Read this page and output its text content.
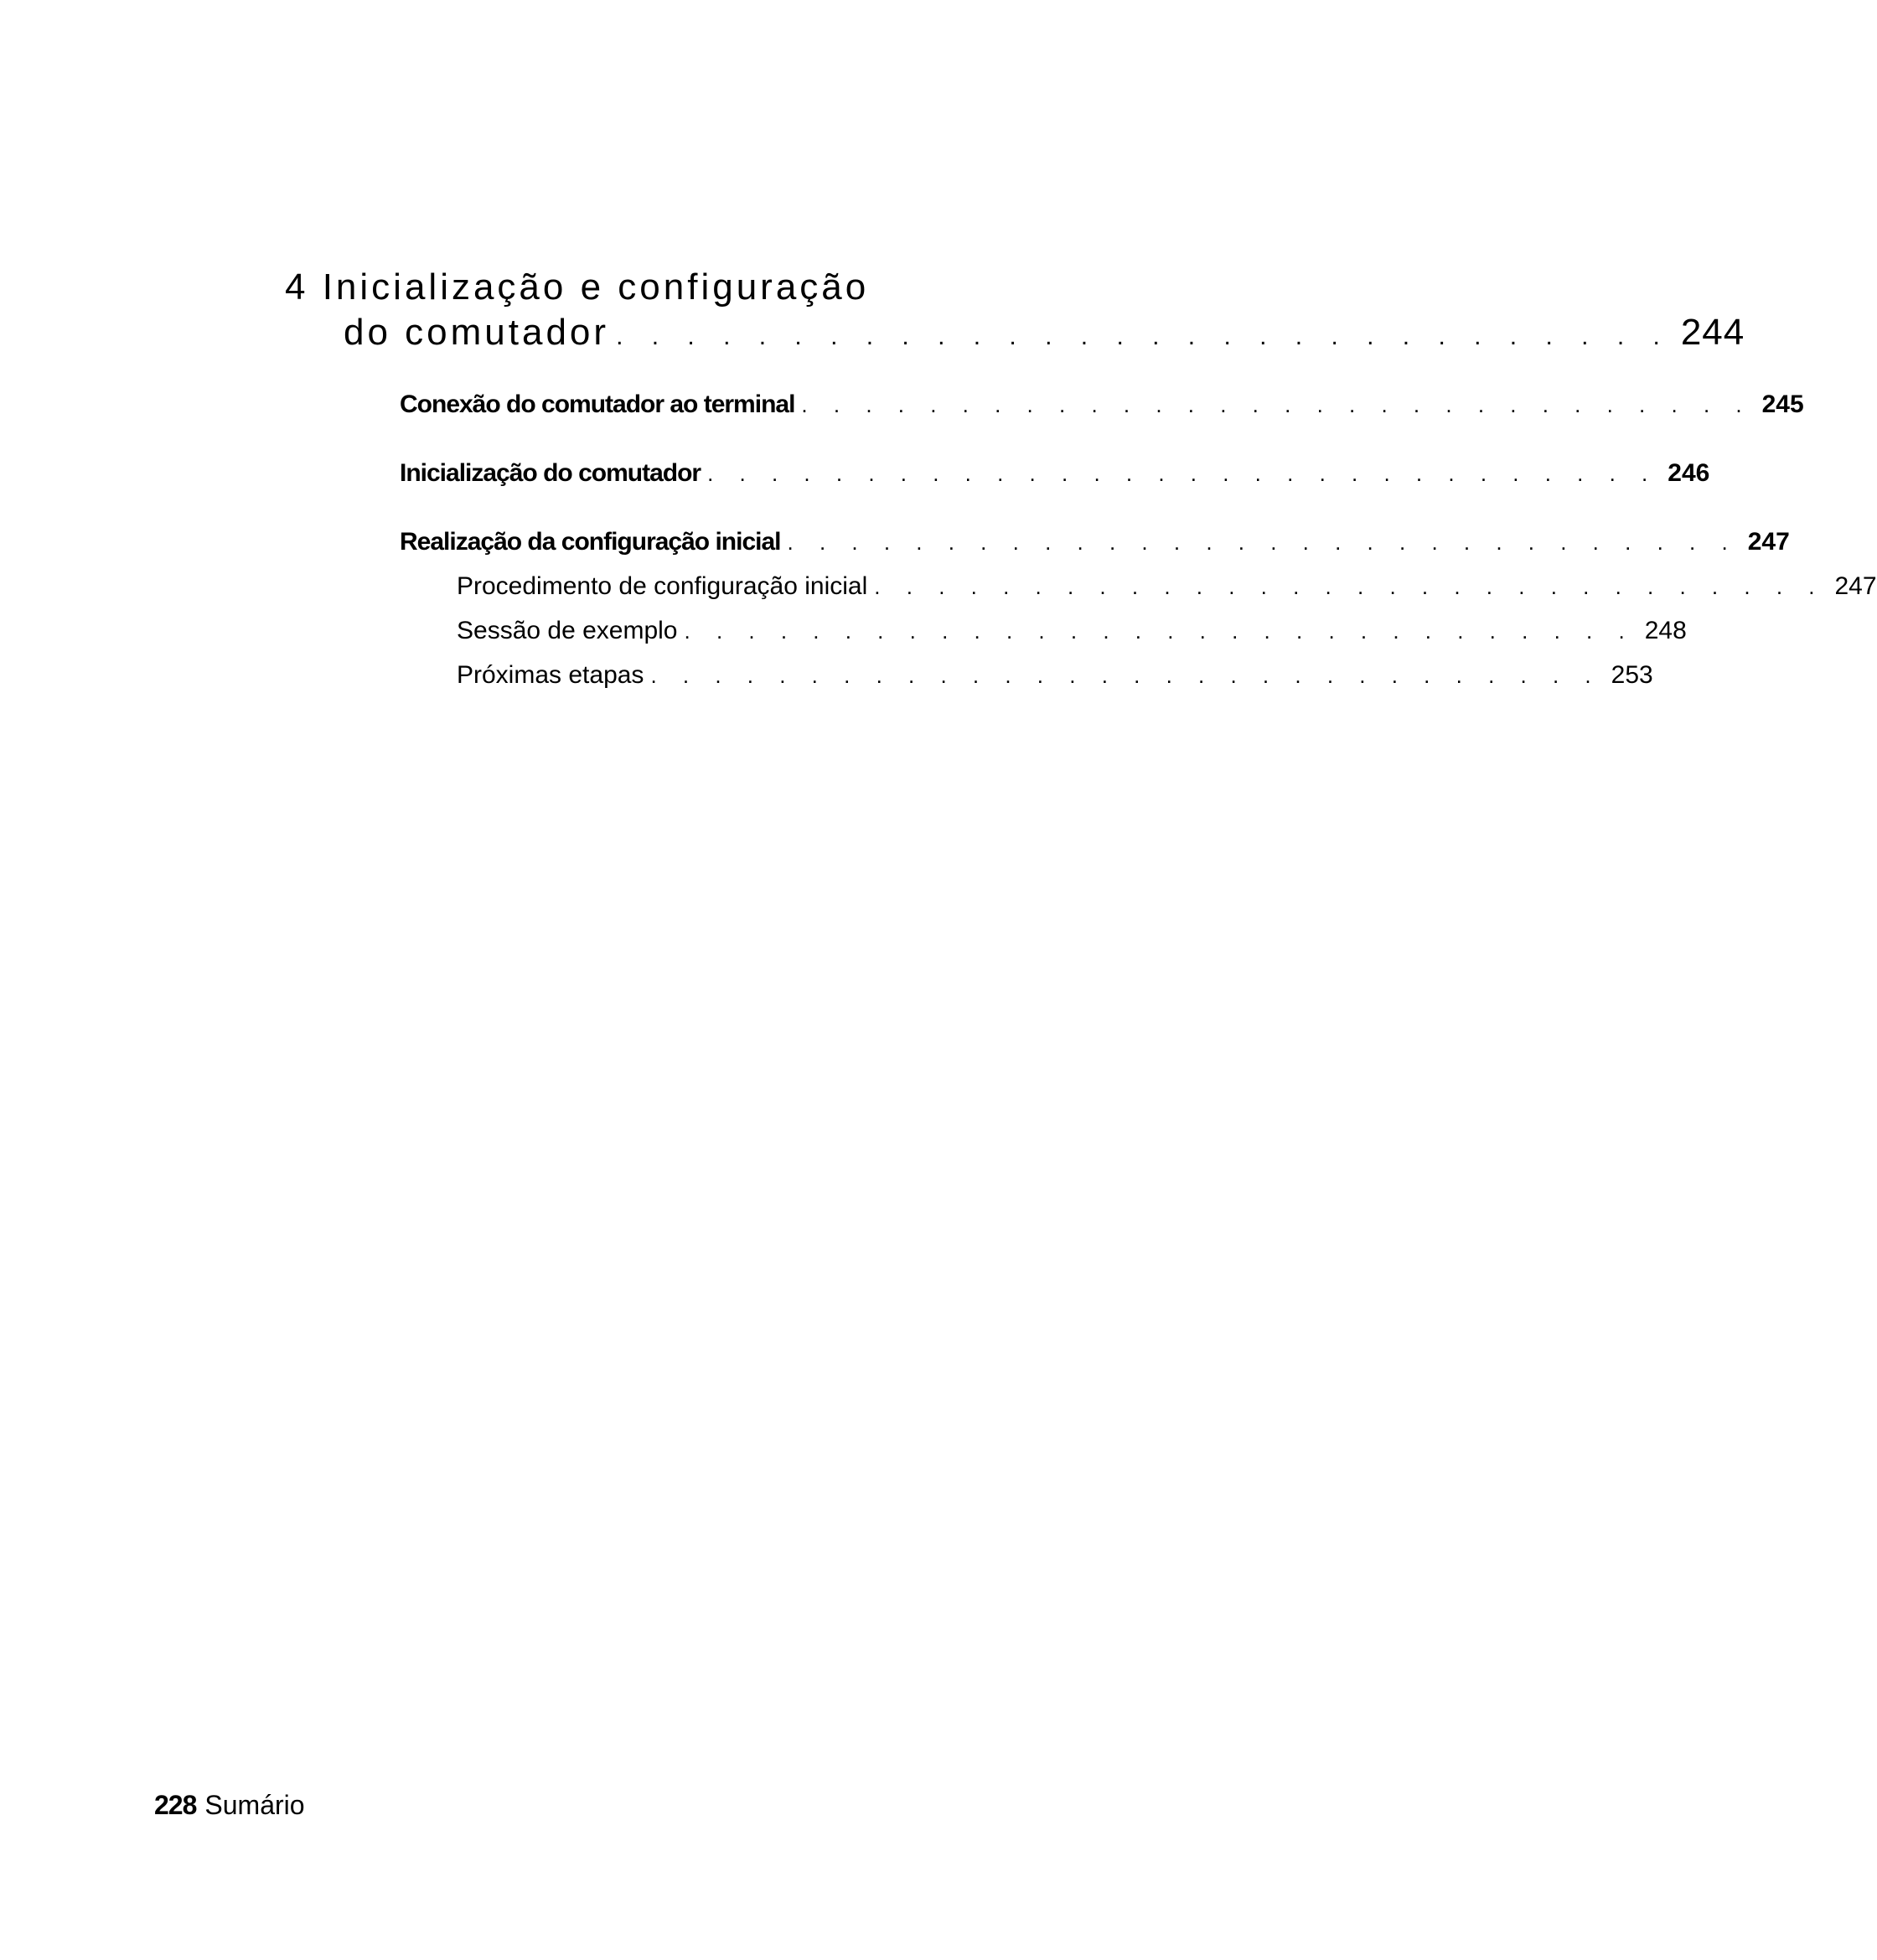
4 Inicialização e configuração
do comutador . . . . . . . . . . . . . . . . . . . . . . . . . . . . . . 244
Conexão do comutador ao terminal . . . . . . . . . . . . . . . . . . . . . . . . . . . . . . 245
Inicialização do comutador . . . . . . . . . . . . . . . . . . . . . . . . . . . . . . 246
Realização da configuração inicial . . . . . . . . . . . . . . . . . . . . . . . . . . . . . . 247
Procedimento de configuração inicial . . . . . . . . . . . . . . . . . . . . . . . . . . . . . . 247
Sessão de exemplo . . . . . . . . . . . . . . . . . . . . . . . . . . . . . . 248
Próximas etapas . . . . . . . . . . . . . . . . . . . . . . . . . . . . . . 253
228 Sumário
